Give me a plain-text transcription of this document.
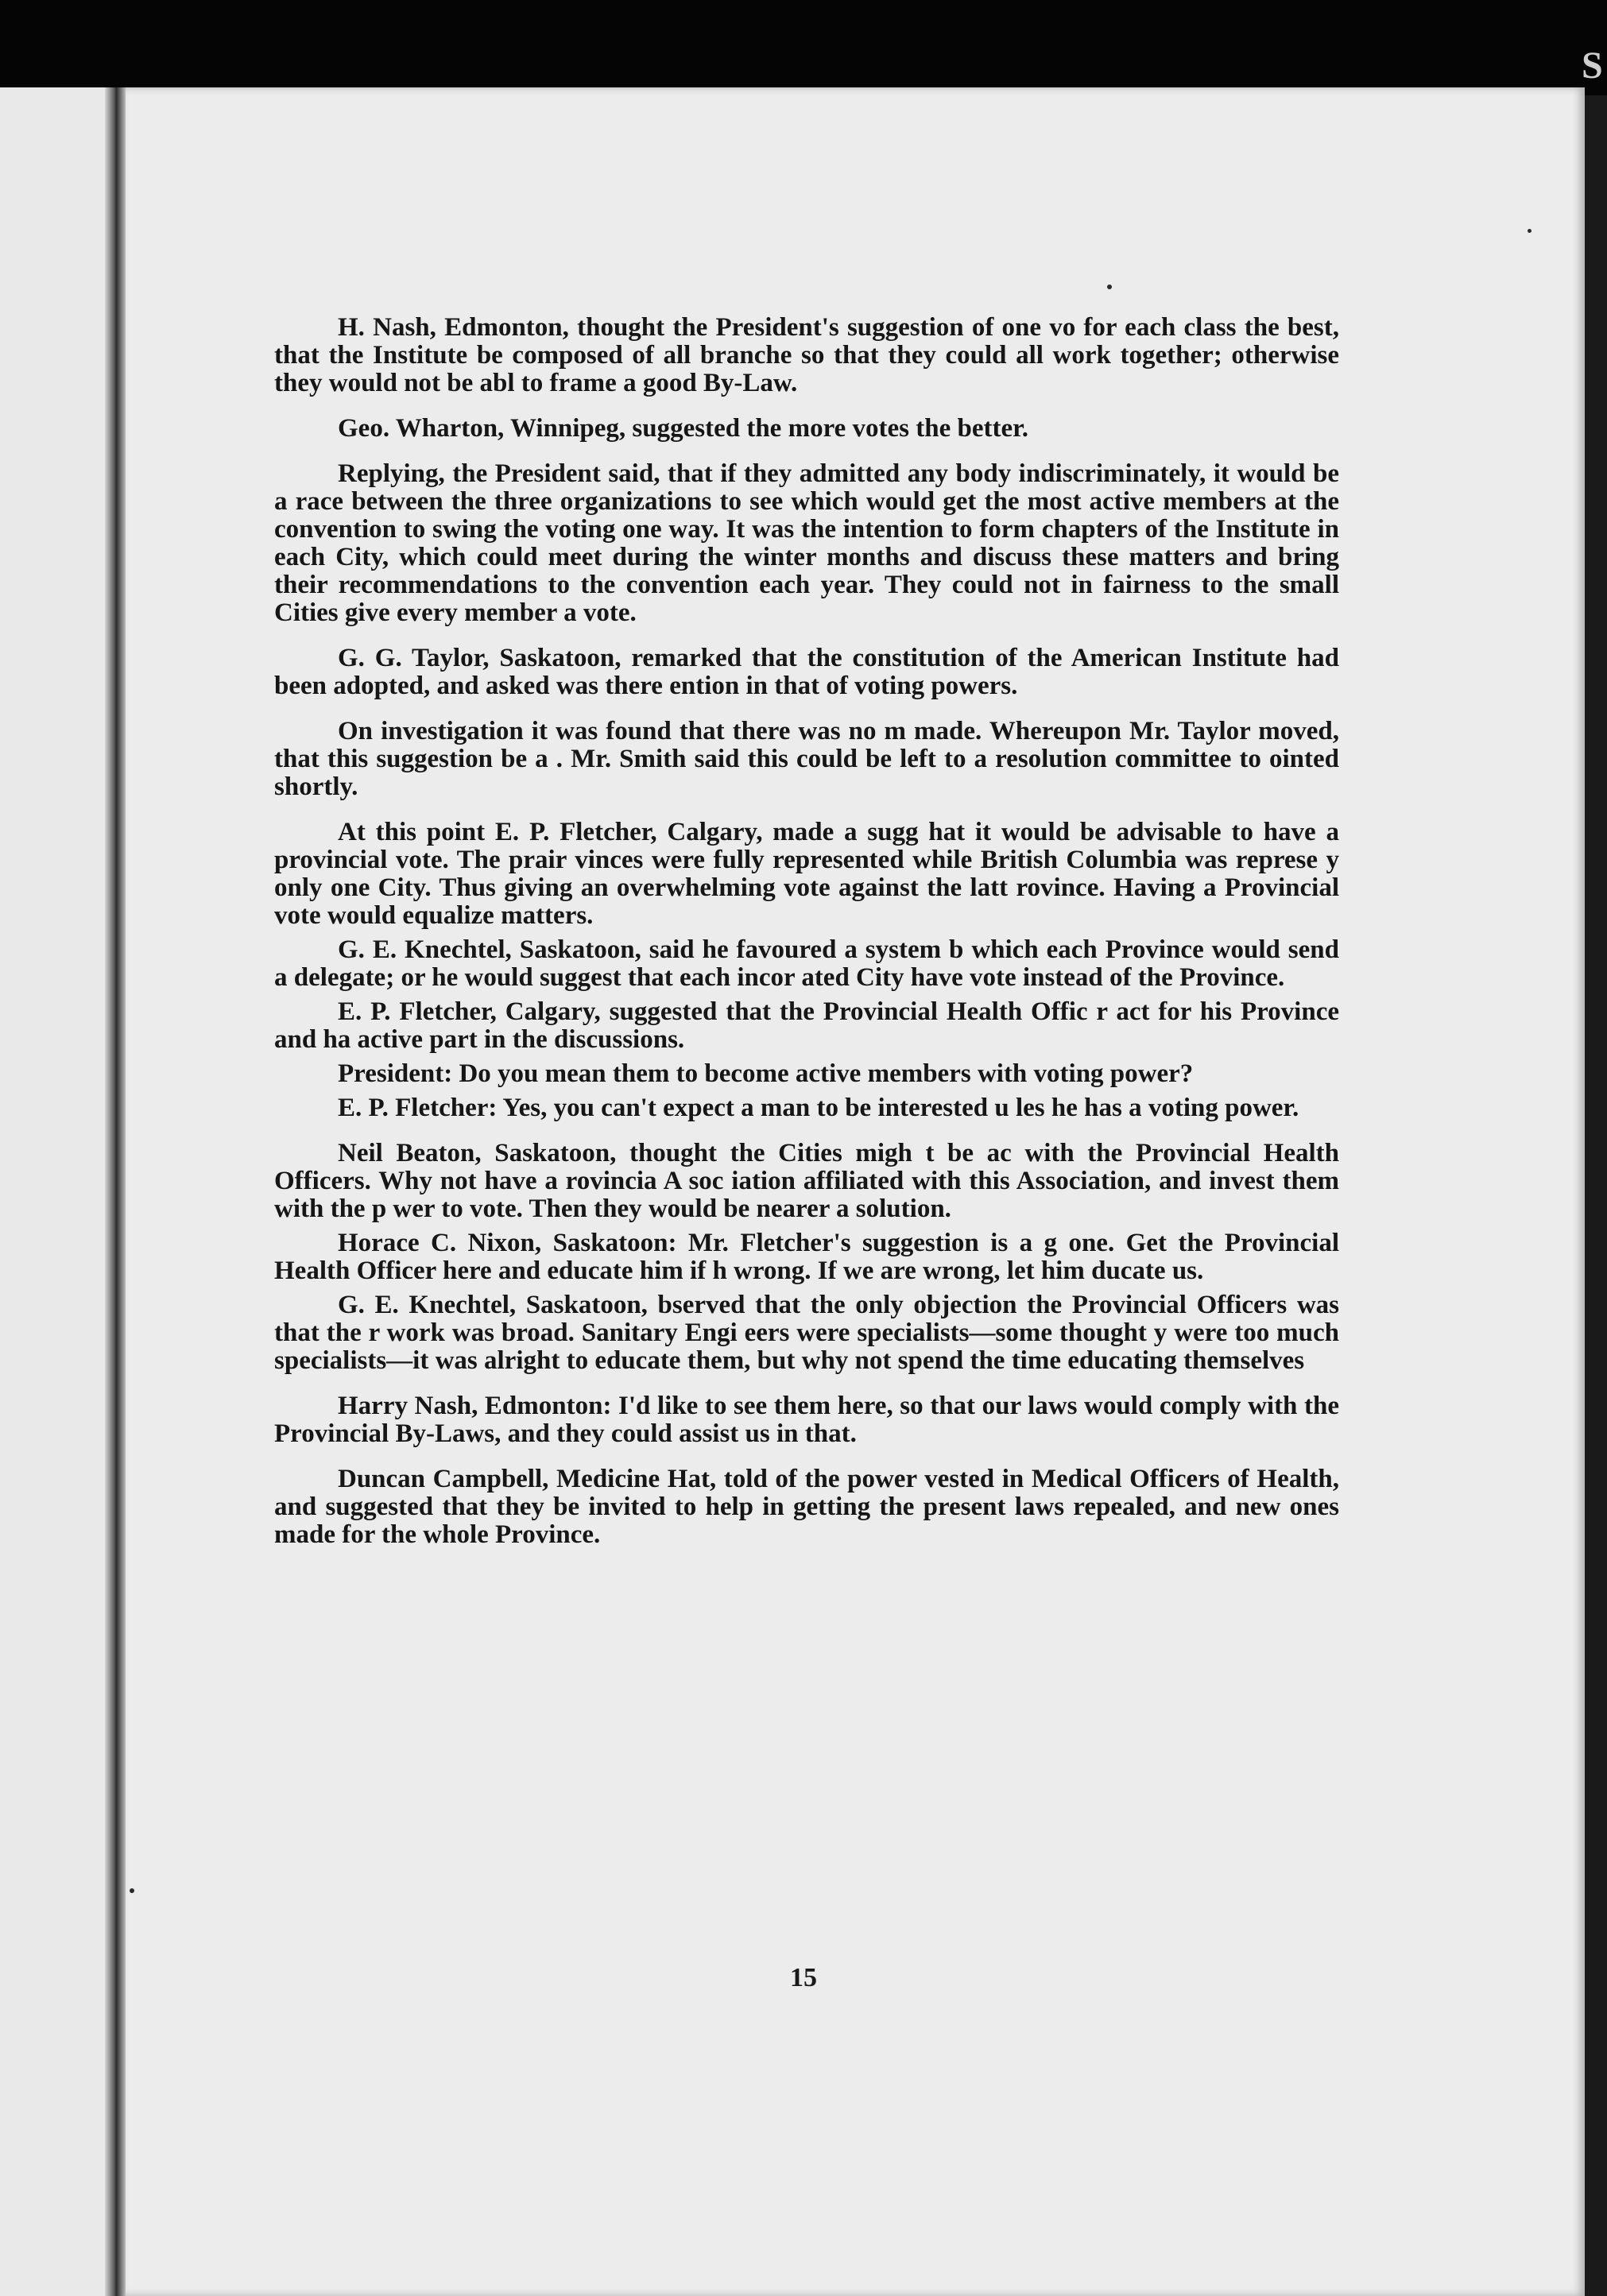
S

H. Nash, Edmonton, thought the President's suggestion of one vo for each class the best, that the Institute be composed of all branche so that they could all work together; otherwise they would not be abl to frame a good By-Law.

Geo. Wharton, Winnipeg, suggested the more votes the better.

Replying, the President said, that if they admitted any body indiscriminately, it would be a race between the three organizations to see which would get the most active members at the convention to swing the voting one way. It was the intention to form chapters of the Institute in each City, which could meet during the winter months and discuss these matters and bring their recommendations to the convention each year. They could not in fairness to the small Cities give every member a vote.

G. G. Taylor, Saskatoon, remarked that the constitution of the American Institute had been adopted, and asked was there ention in that of voting powers.

On investigation it was found that there was no m made. Whereupon Mr. Taylor moved, that this suggestion be a . Mr. Smith said this could be left to a resolution committee to ointed shortly.

At this point E. P. Fletcher, Calgary, made a sugg hat it would be advisable to have a provincial vote. The prair vinces were fully represented while British Columbia was represe y only one City. Thus giving an overwhelming vote against the latt rovince. Having a Provincial vote would equalize matters.

G. E. Knechtel, Saskatoon, said he favoured a system b which each Province would send a delegate; or he would suggest that each incor ated City have vote instead of the Province.

E. P. Fletcher, Calgary, suggested that the Provincial Health Offic r act for his Province and ha active part in the discussions.

President: Do you mean them to become active members with voting power?

E. P. Fletcher: Yes, you can't expect a man to be interested u les he has a voting power.

Neil Beaton, Saskatoon, thought the Cities migh t be ac with the Provincial Health Officers. Why not have a rovincia A soc iation affiliated with this Association, and invest them with the p wer to vote. Then they would be nearer a solution.

Horace C. Nixon, Saskatoon: Mr. Fletcher's suggestion is a g one. Get the Provincial Health Officer here and educate him if h wrong. If we are wrong, let him ducate us.

G. E. Knechtel, Saskatoon, bserved that the only objection the Provincial Officers was that the r work was broad. Sanitary Engi eers were specialists—some thought y were too much specialists—it was alright to educate them, but why not spend the time educating themselves

Harry Nash, Edmonton: I'd like to see them here, so that our laws would comply with the Provincial By-Laws, and they could assist us in that.

Duncan Campbell, Medicine Hat, told of the power vested in Medical Officers of Health, and suggested that they be invited to help in getting the present laws repealed, and new ones made for the whole Province.

15
